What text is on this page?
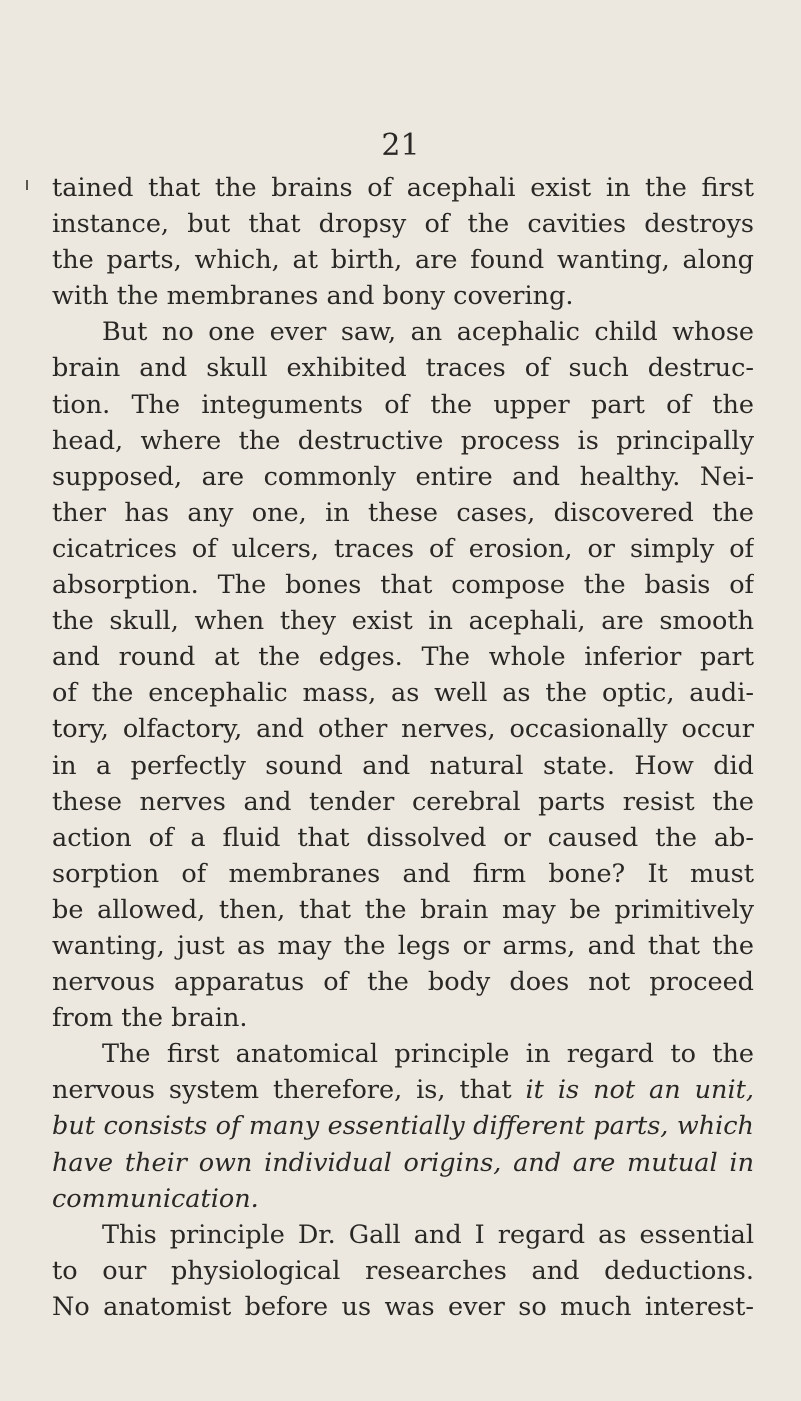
21
tained that the brains of acephali exist in the first
instance, but that dropsy of the cavities destroys
the parts, which, at birth, are found wanting, along
with the membranes and bony covering.
But no one ever saw, an acephalic child whose
brain and skull exhibited traces of such destruc-
tion. The integuments of the upper part of the
head, where the destructive process is principally
supposed, are commonly entire and healthy. Nei-
ther has any one, in these cases, discovered the
cicatrices of ulcers, traces of erosion, or simply of
absorption. The bones that compose the basis of
the skull, when they exist in acephali, are smooth
and round at the edges. The whole inferior part
of the encephalic mass, as well as the optic, audi-
tory, olfactory, and other nerves, occasionally occur
in a perfectly sound and natural state. How did
these nerves and tender cerebral parts resist the
action of a fluid that dissolved or caused the ab-
sorption of membranes and firm bone? It must
be allowed, then, that the brain may be primitively
wanting, just as may the legs or arms, and that the
nervous apparatus of the body does not proceed
from the brain.
The first anatomical principle in regard to the
nervous system therefore, is, that it is not an unit,
but consists of many essentially different parts, which
have their own individual origins, and are mutual in
communication.
This principle Dr. Gall and I regard as essential
to our physiological researches and deductions.
No anatomist before us was ever so much interest-
